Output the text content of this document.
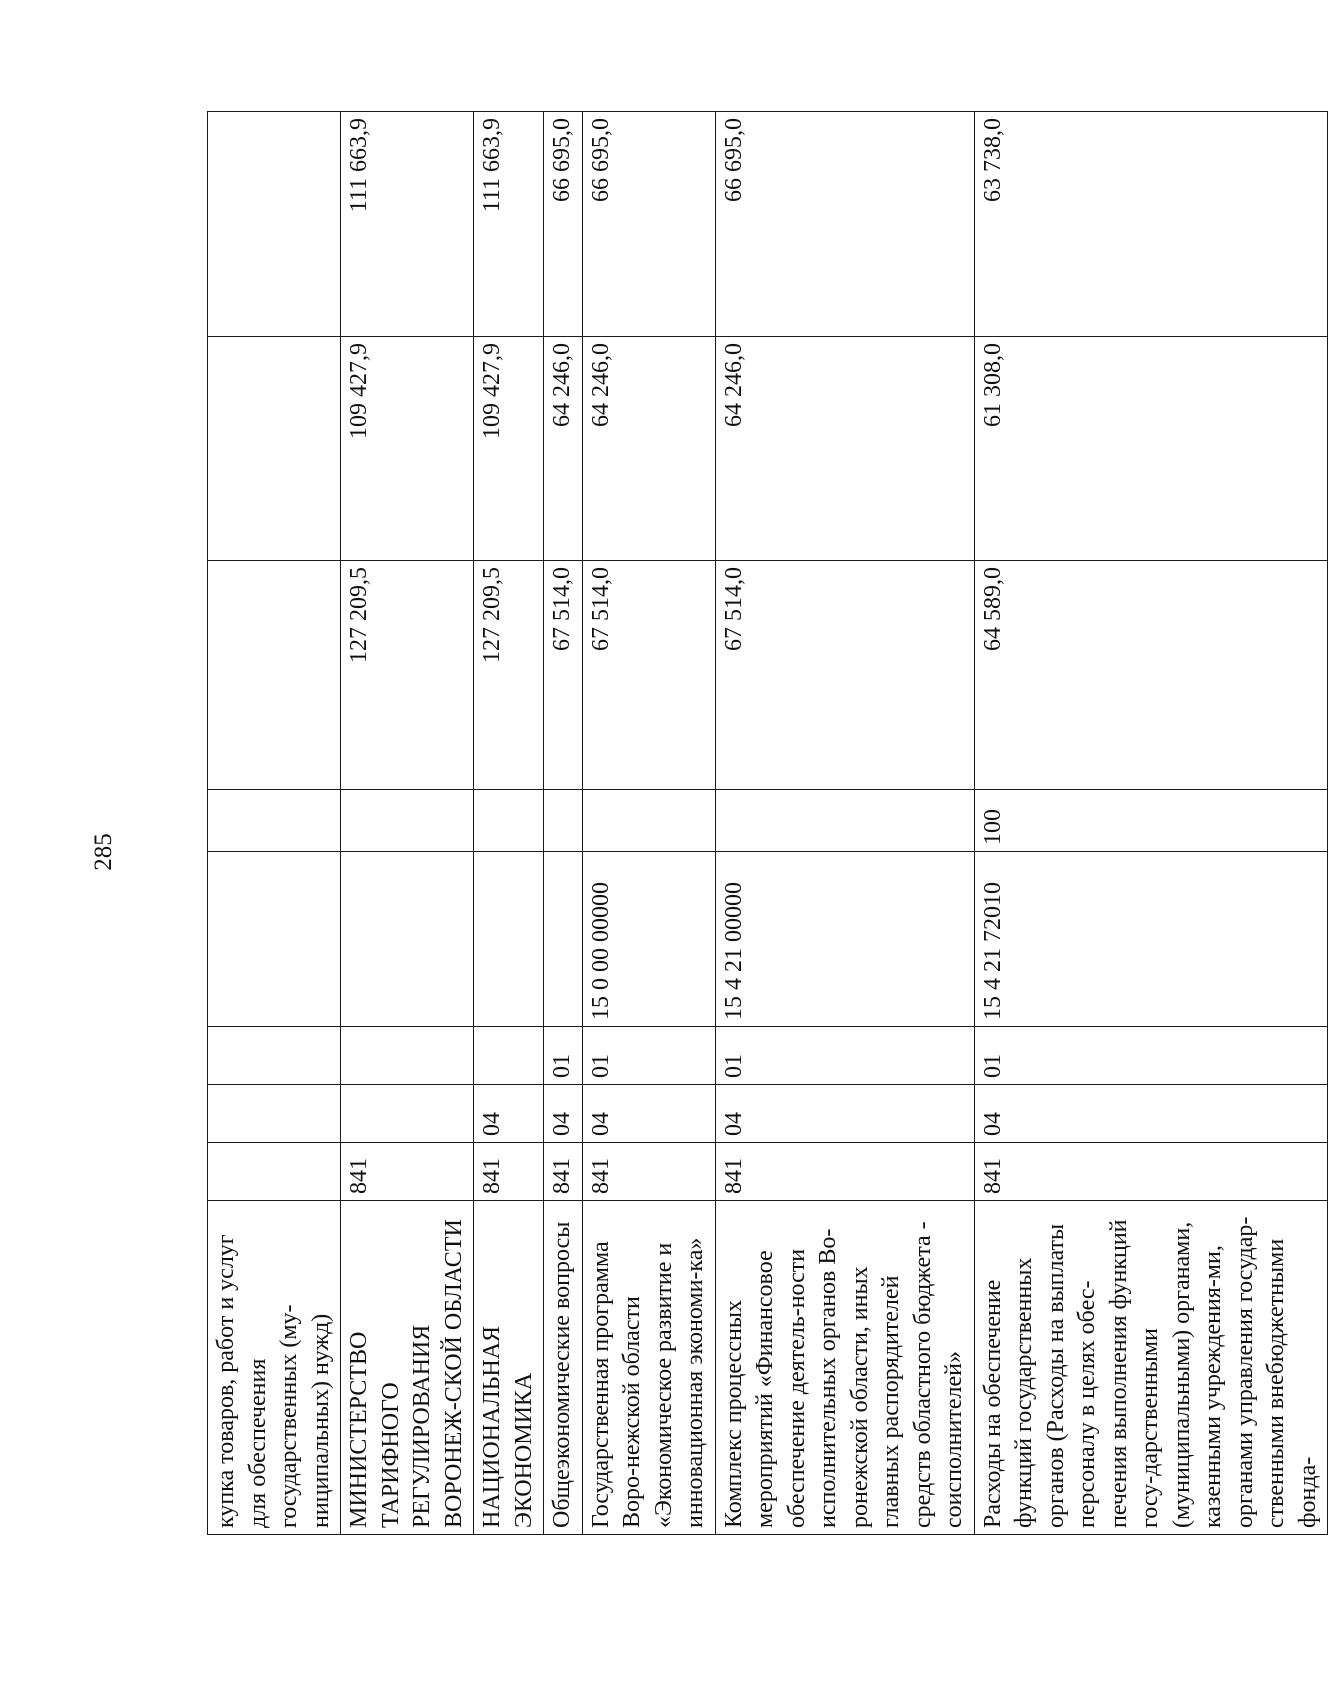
285
купка товаров, работ и услуг для обеспечения государственных (му-ниципальных) нужд)								
МИНИСТЕРСТВО ТАРИФНОГО РЕГУЛИРОВАНИЯ ВОРОНЕЖ-СКОЙ ОБЛАСТИ	841					127 209,5	109 427,9	111 663,9
НАЦИОНАЛЬНАЯ ЭКОНОМИКА	841	04				127 209,5	109 427,9	111 663,9
Общеэкономические вопросы	841	04	01			67 514,0	64 246,0	66 695,0
Государственная программа Воро-нежской области «Экономическое развитие и инновационная экономи-ка»	841	04	01	15 0 00 00000		67 514,0	64 246,0	66 695,0
Комплекс процессных мероприятий «Финансовое обеспечение деятель-ности исполнительных органов Во-ронежской области, иных главных распорядителей средств областного бюджета - соисполнителей»	841	04	01	15 4 21 00000		67 514,0	64 246,0	66 695,0
Расходы на обеспечение функций государственных органов (Расходы на выплаты персоналу в целях обес-печения выполнения функций госу-дарственными (муниципальными) органами, казенными учреждения-ми, органами управления государ-ственными внебюджетными фонда-	841	04	01	15 4 21 72010	100	64 589,0	61 308,0	63 738,0
